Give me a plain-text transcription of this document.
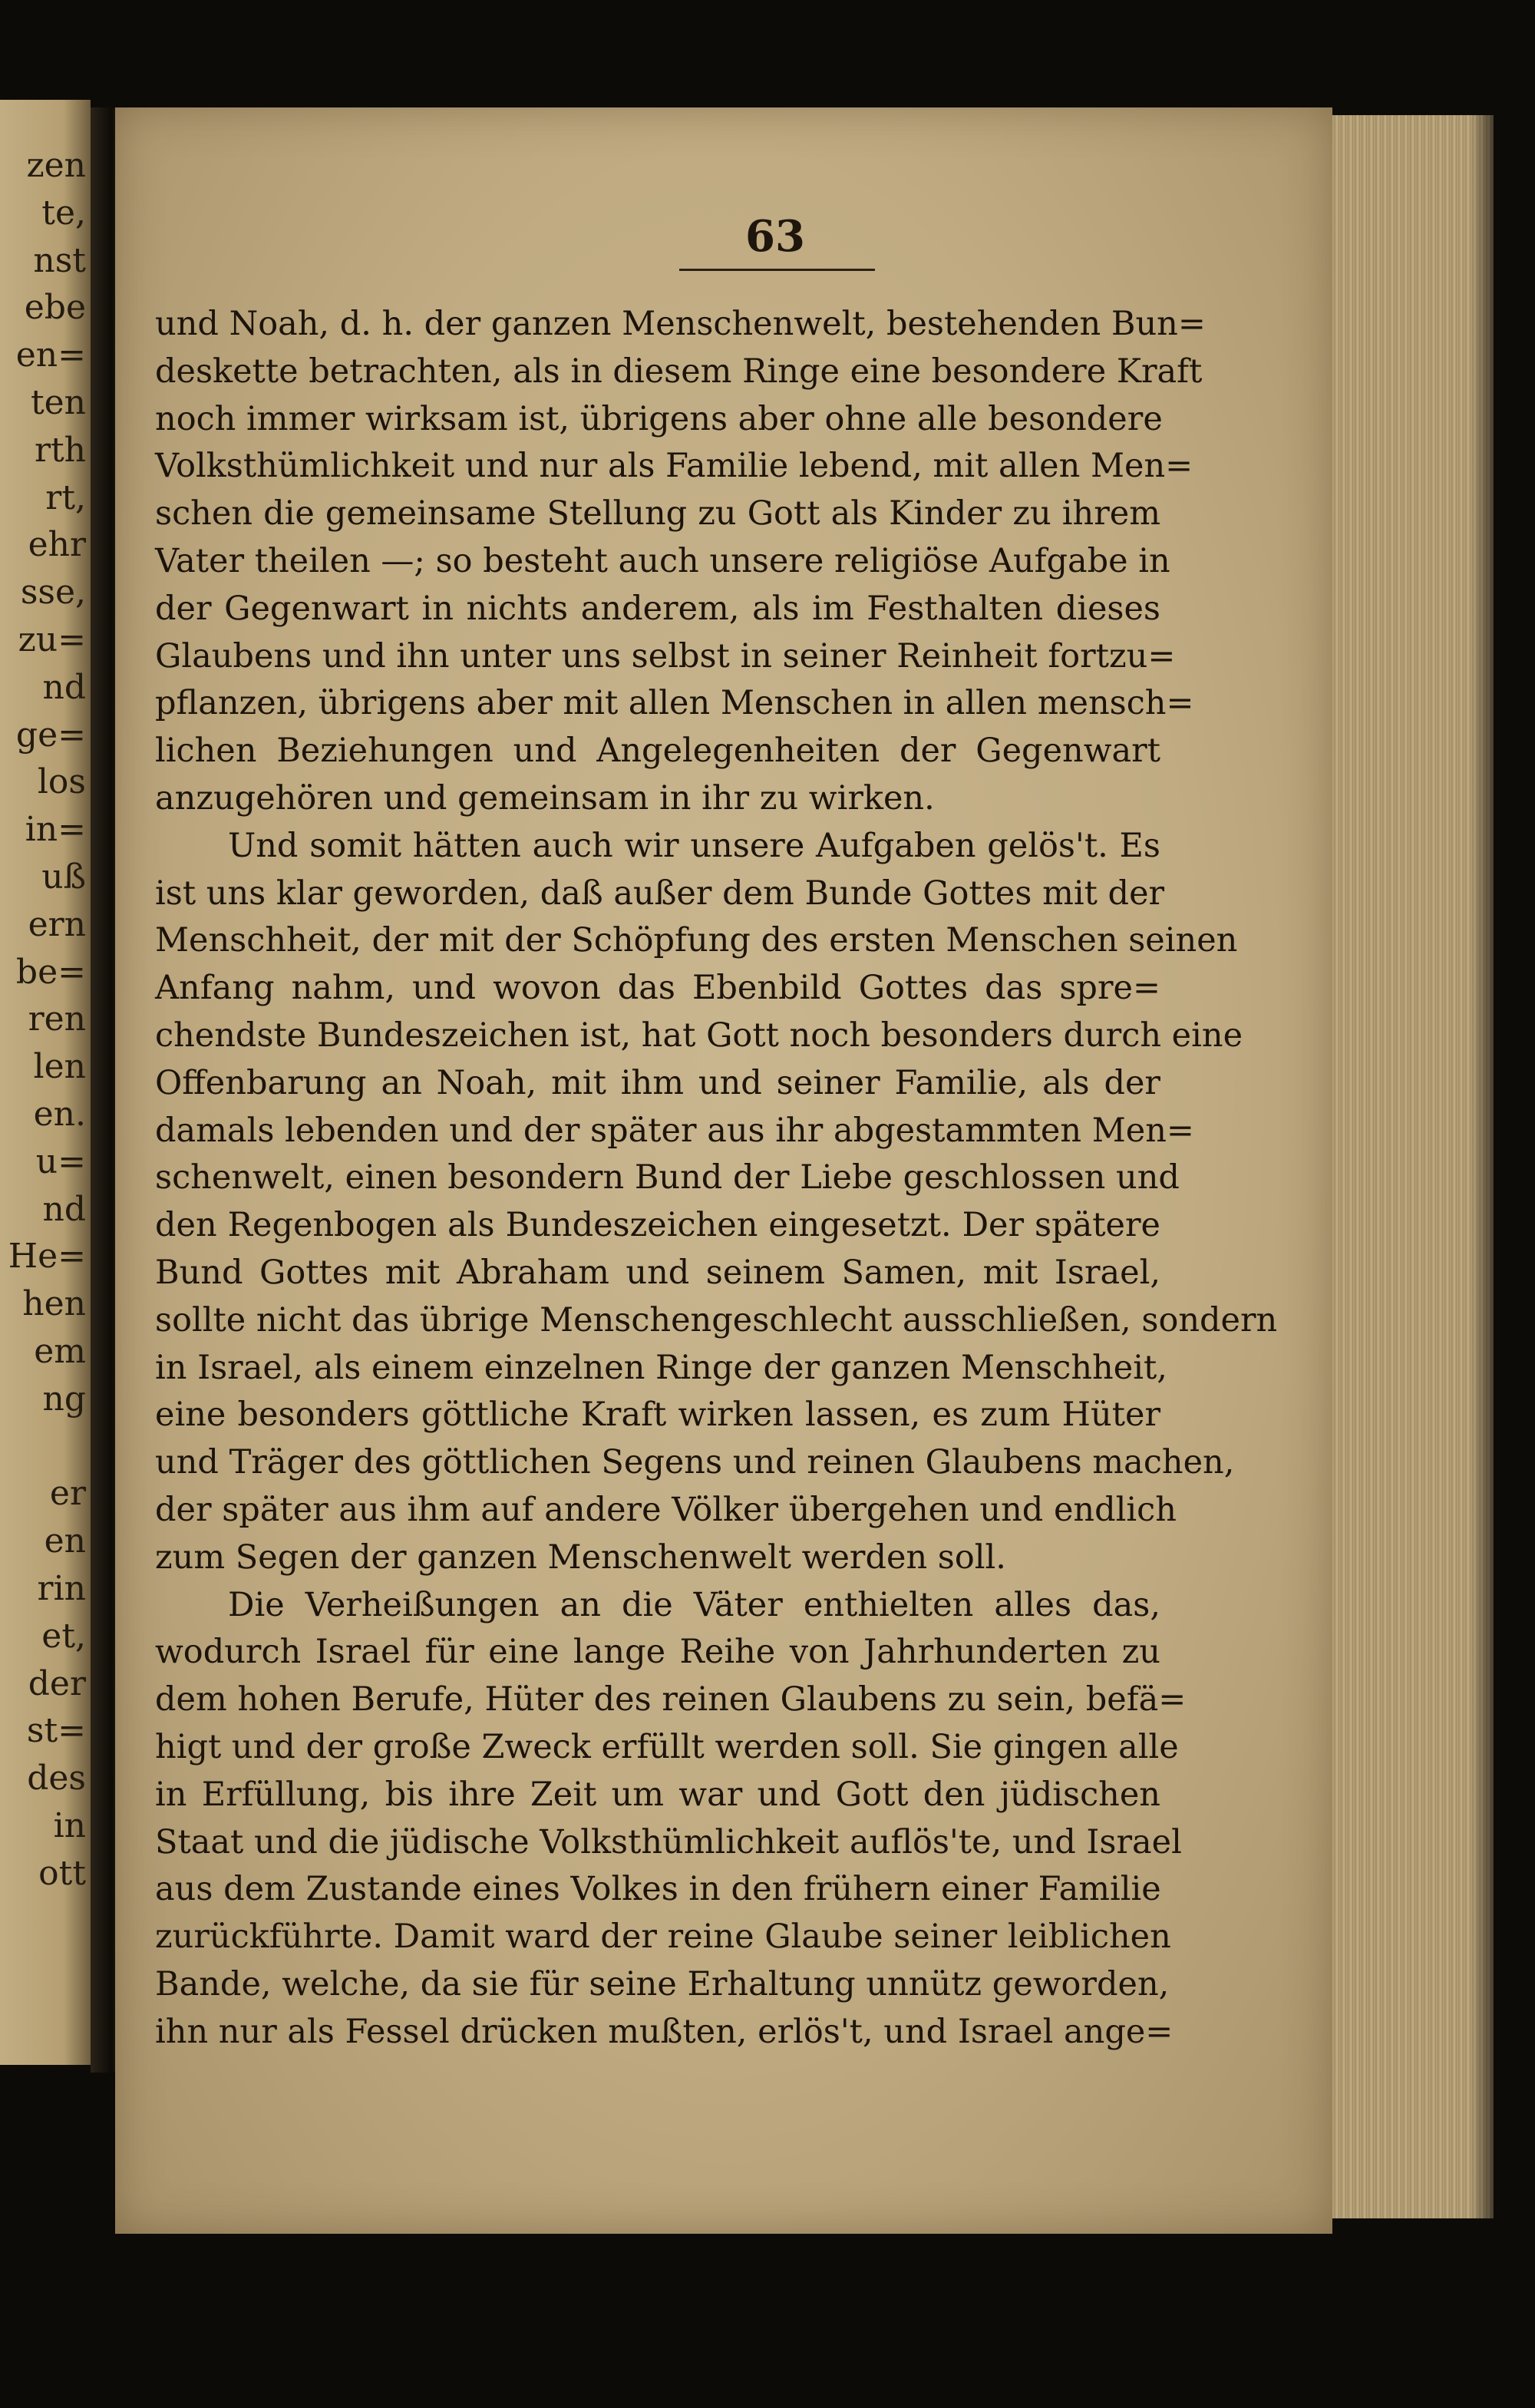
zen
te,
nst
ebe
en=
ten
rth
rt,
ehr
sse,
zu=
nd
ge=
los
in=
uß
ern
be=
ren
len
en.
u=
nd
He=
hen
em
ng
er
en
rin
et,
der
st=
des
in
ott
63
und Noah, d. h. der ganzen Menschenwelt, bestehenden Bun=
deskette betrachten, als in diesem Ringe eine besondere Kraft
noch immer wirksam ist, übrigens aber ohne alle besondere
Volksthümlichkeit und nur als Familie lebend, mit allen Men=
schen die gemeinsame Stellung zu Gott als Kinder zu ihrem
Vater theilen —; so besteht auch unsere religiöse Aufgabe in
der Gegenwart in nichts anderem, als im Festhalten dieses
Glaubens und ihn unter uns selbst in seiner Reinheit fortzu=
pflanzen, übrigens aber mit allen Menschen in allen mensch=
lichen Beziehungen und Angelegenheiten der Gegenwart
anzugehören und gemeinsam in ihr zu wirken.
Und somit hätten auch wir unsere Aufgaben gelös't. Es
ist uns klar geworden, daß außer dem Bunde Gottes mit der
Menschheit, der mit der Schöpfung des ersten Menschen seinen
Anfang nahm, und wovon das Ebenbild Gottes das spre=
chendste Bundeszeichen ist, hat Gott noch besonders durch eine
Offenbarung an Noah, mit ihm und seiner Familie, als der
damals lebenden und der später aus ihr abgestammten Men=
schenwelt, einen besondern Bund der Liebe geschlossen und
den Regenbogen als Bundeszeichen eingesetzt. Der spätere
Bund Gottes mit Abraham und seinem Samen, mit Israel,
sollte nicht das übrige Menschengeschlecht ausschließen, sondern
in Israel, als einem einzelnen Ringe der ganzen Menschheit,
eine besonders göttliche Kraft wirken lassen, es zum Hüter
und Träger des göttlichen Segens und reinen Glaubens machen,
der später aus ihm auf andere Völker übergehen und endlich
zum Segen der ganzen Menschenwelt werden soll.
Die Verheißungen an die Väter enthielten alles das,
wodurch Israel für eine lange Reihe von Jahrhunderten zu
dem hohen Berufe, Hüter des reinen Glaubens zu sein, befä=
higt und der große Zweck erfüllt werden soll. Sie gingen alle
in Erfüllung, bis ihre Zeit um war und Gott den jüdischen
Staat und die jüdische Volksthümlichkeit auflös'te, und Israel
aus dem Zustande eines Volkes in den frühern einer Familie
zurückführte. Damit ward der reine Glaube seiner leiblichen
Bande, welche, da sie für seine Erhaltung unnütz geworden,
ihn nur als Fessel drücken mußten, erlös't, und Israel ange=
